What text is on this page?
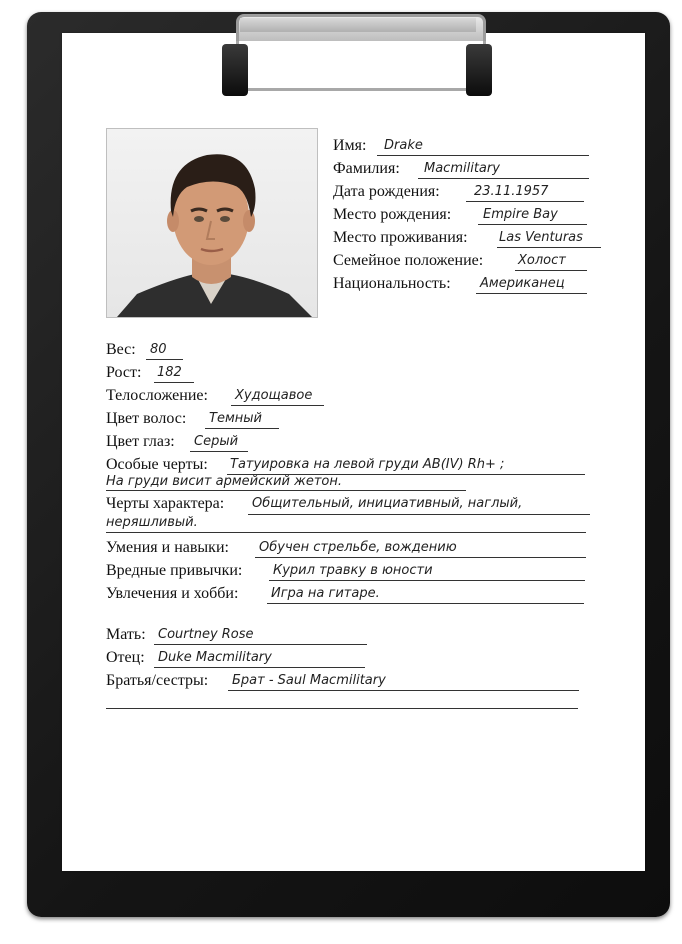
Имя: Drake
Фамилия: Macmilitary
Дата рождения:	23.11.1957
Место рождения: Empire Bay
Место проживания: Las Venturas
Семейное положение:	Холост
Национальность: Американец
Вес: 80
Рост: 182
Телосложение: Худощавое
Цвет волос: Темный
Цвет глаз: Серый
Особые черты: Татуировка на левой груди AB(IV) Rh+ ;
На груди висит армейский жетон.
Черты характера: Общительный, инициативный, наглый,
неряшливый.
Умения и навыки: Обучен стрельбе, вождению
Вредные привычки: Курил травку в юности
Увлечения и хобби:	Игра на гитаре.
Мать: Courtney Rose
Отец: Duke Macmilitary
Братья/сестры: Брат - Saul Macmilitary
